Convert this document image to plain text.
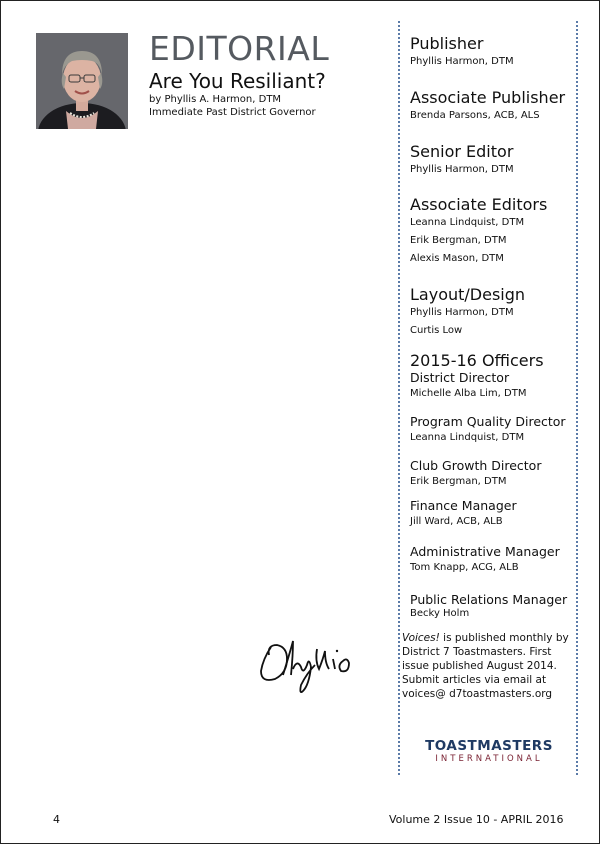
EDITORIAL
Are You Resiliant?
by Phyllis A. Harmon, DTM
Immediate Past District Governor

Publisher

Phyllis Harmon, DTM

Associate Publisher

Brenda Parsons, ACB, ALS

Senior Editor

Phyllis Harmon, DTM

Associate Editors

Leanna Lindquist, DTM

Erik Bergman, DTM

Alexis Mason, DTM

Layout/Design

Phyllis Harmon, DTM

Curtis Low

2015-16 Officers

District Director

Michelle Alba Lim, DTM

Program Quality Director

Leanna Lindquist, DTM

Club Growth Director

Erik Bergman, DTM

Finance Manager

Jill Ward, ACB, ALB

Administrative Manager

Tom Knapp, ACG, ALB

Public Relations Manager

Becky Holm

Voices! is published monthly by District 7 Toastmasters. First issue published August 2014. Submit articles via email at voices@ d7toastmasters.org
TOASTMASTERS
INTERNATIONAL
4	Volume 2 Issue 10 - APRIL 2016
